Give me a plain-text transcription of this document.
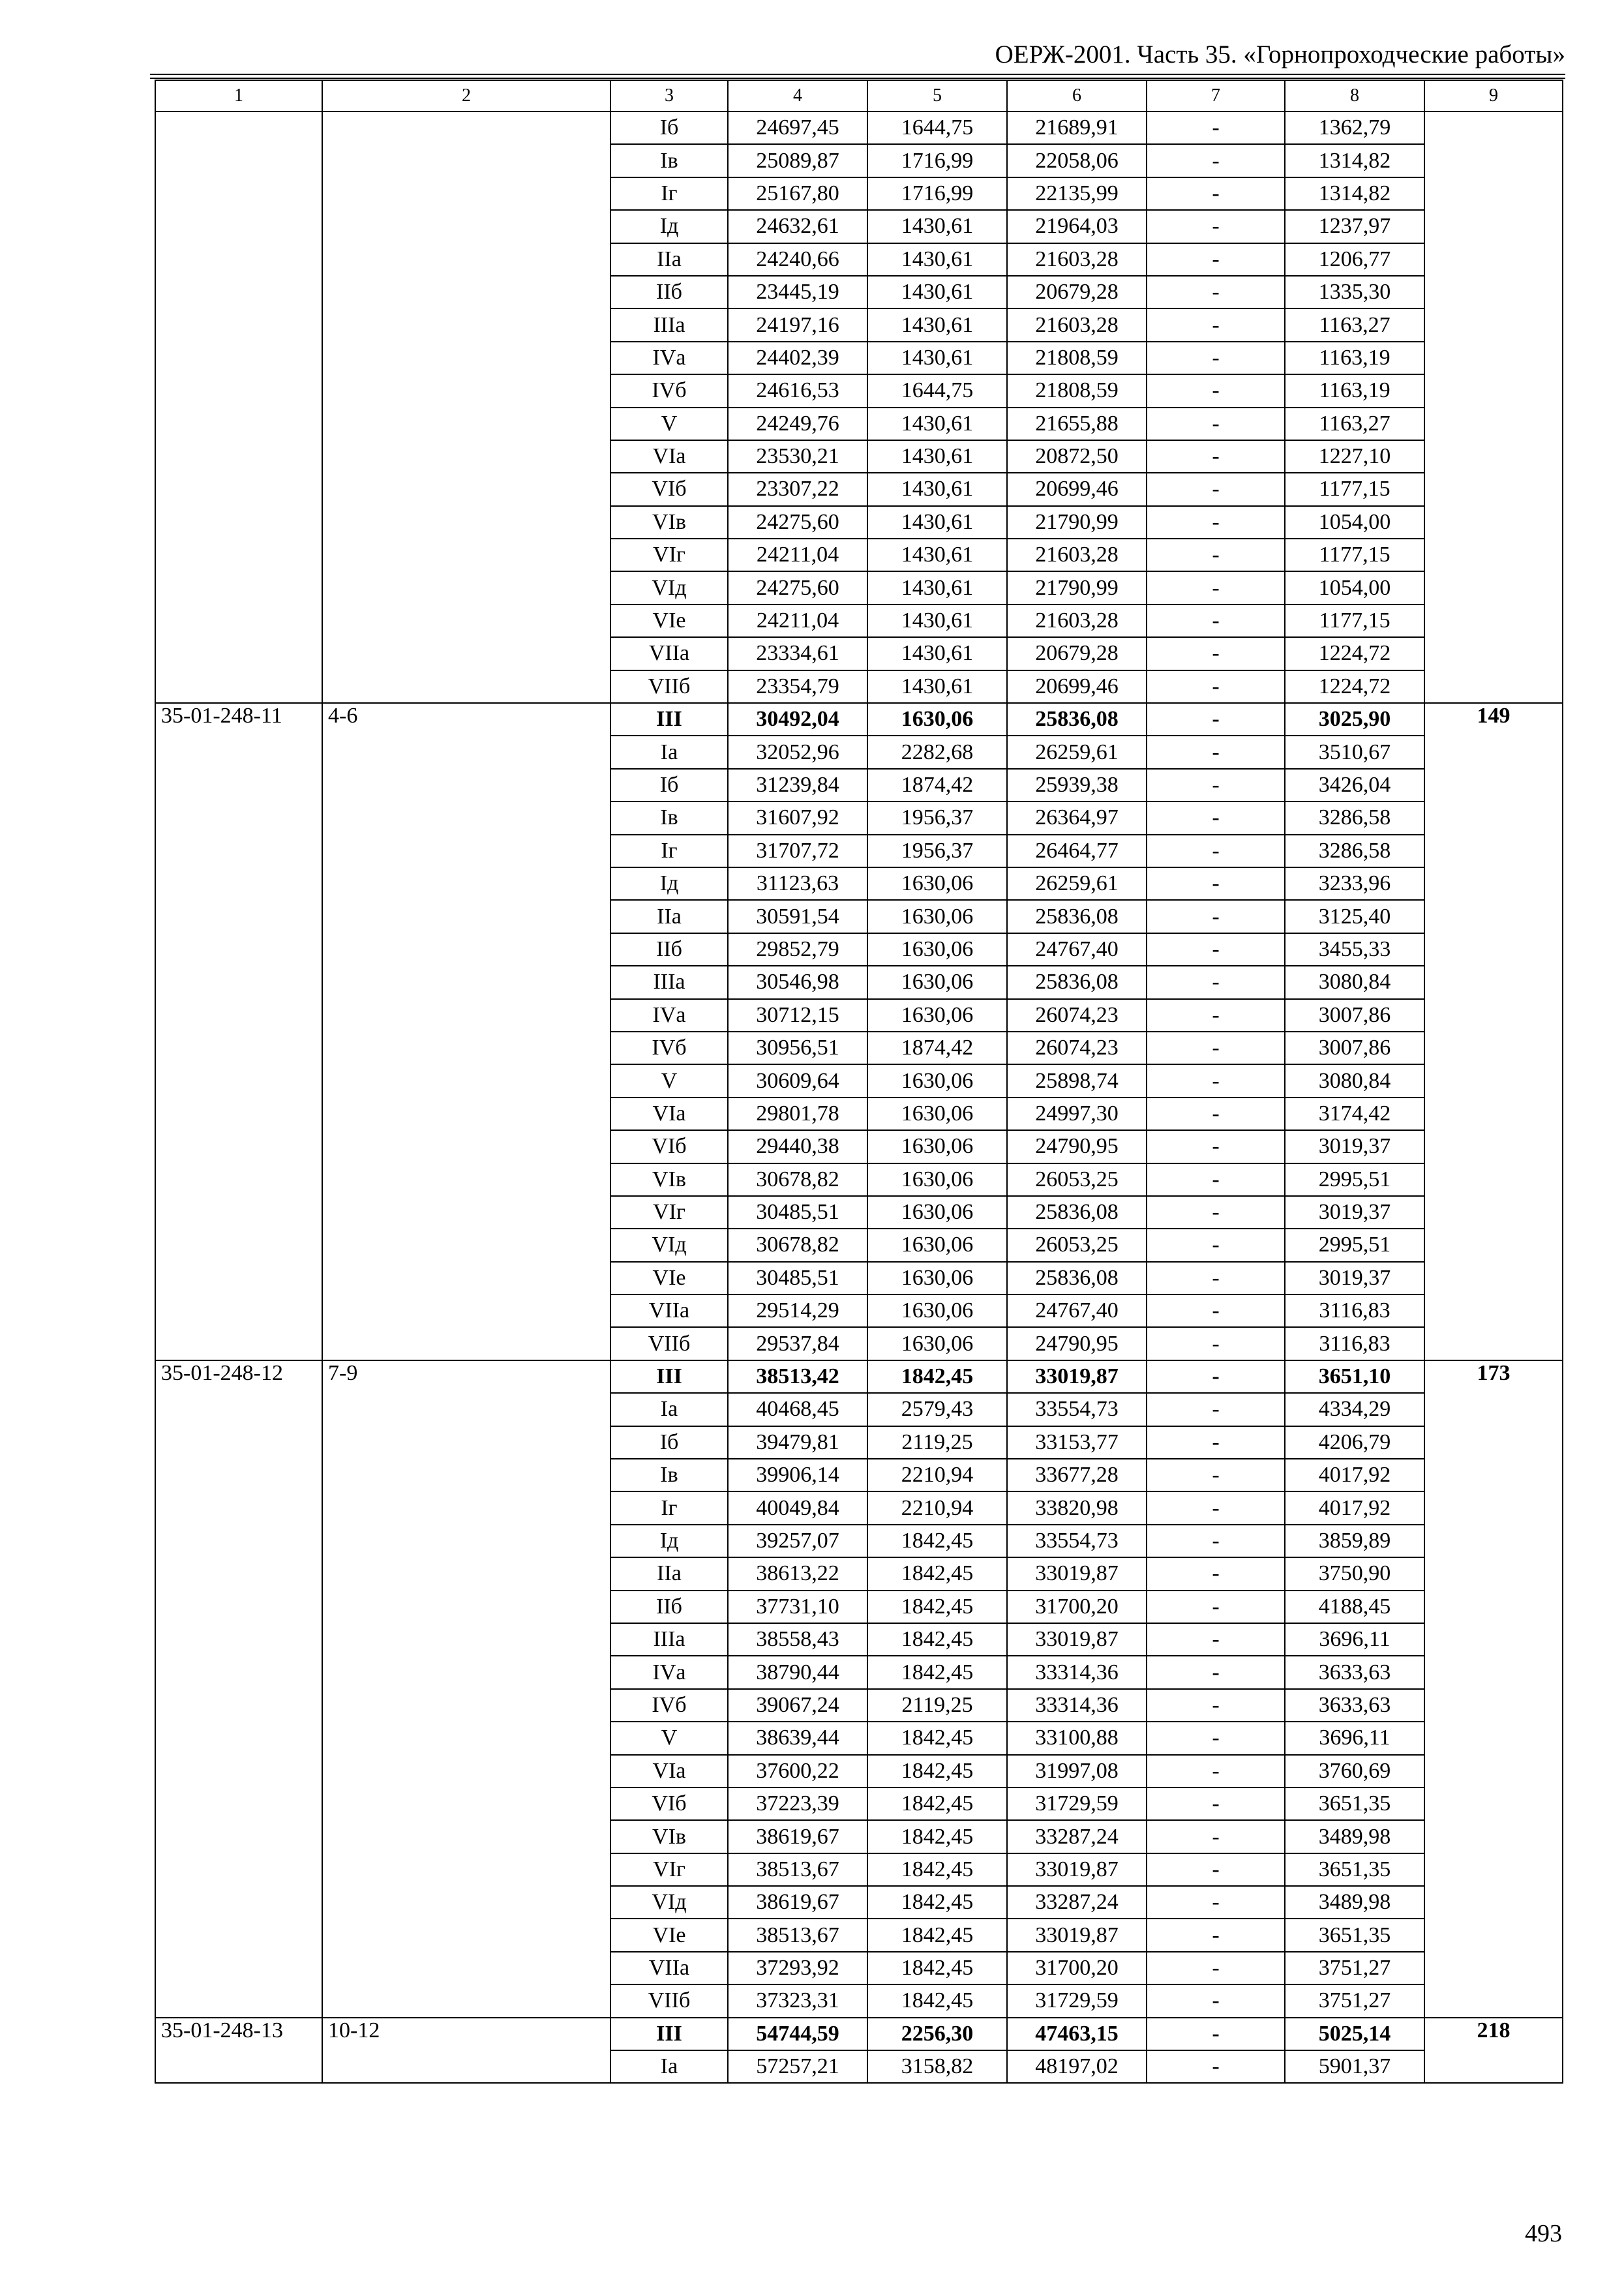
ОЕРЖ-2001. Часть 35. «Горнопроходческие работы»
1	2	3	4	5	6	7	8	9
		Iб	24697,45	1644,75	21689,91	-	1362,79	
		Iв	25089,87	1716,99	22058,06	-	1314,82	
		Iг	25167,80	1716,99	22135,99	-	1314,82	
		Iд	24632,61	1430,61	21964,03	-	1237,97	
		IIа	24240,66	1430,61	21603,28	-	1206,77	
		IIб	23445,19	1430,61	20679,28	-	1335,30	
		IIIа	24197,16	1430,61	21603,28	-	1163,27	
		IVа	24402,39	1430,61	21808,59	-	1163,19	
		IVб	24616,53	1644,75	21808,59	-	1163,19	
		V	24249,76	1430,61	21655,88	-	1163,27	
		VIа	23530,21	1430,61	20872,50	-	1227,10	
		VIб	23307,22	1430,61	20699,46	-	1177,15	
		VIв	24275,60	1430,61	21790,99	-	1054,00	
		VIг	24211,04	1430,61	21603,28	-	1177,15	
		VIд	24275,60	1430,61	21790,99	-	1054,00	
		VIе	24211,04	1430,61	21603,28	-	1177,15	
		VIIа	23334,61	1430,61	20679,28	-	1224,72	
		VIIб	23354,79	1430,61	20699,46	-	1224,72	
35-01-248-11	4-6	III	30492,04	1630,06	25836,08	-	3025,90	149
		Iа	32052,96	2282,68	26259,61	-	3510,67	
		Iб	31239,84	1874,42	25939,38	-	3426,04	
		Iв	31607,92	1956,37	26364,97	-	3286,58	
		Iг	31707,72	1956,37	26464,77	-	3286,58	
		Iд	31123,63	1630,06	26259,61	-	3233,96	
		IIа	30591,54	1630,06	25836,08	-	3125,40	
		IIб	29852,79	1630,06	24767,40	-	3455,33	
		IIIа	30546,98	1630,06	25836,08	-	3080,84	
		IVа	30712,15	1630,06	26074,23	-	3007,86	
		IVб	30956,51	1874,42	26074,23	-	3007,86	
		V	30609,64	1630,06	25898,74	-	3080,84	
		VIа	29801,78	1630,06	24997,30	-	3174,42	
		VIб	29440,38	1630,06	24790,95	-	3019,37	
		VIв	30678,82	1630,06	26053,25	-	2995,51	
		VIг	30485,51	1630,06	25836,08	-	3019,37	
		VIд	30678,82	1630,06	26053,25	-	2995,51	
		VIе	30485,51	1630,06	25836,08	-	3019,37	
		VIIа	29514,29	1630,06	24767,40	-	3116,83	
		VIIб	29537,84	1630,06	24790,95	-	3116,83	
35-01-248-12	7-9	III	38513,42	1842,45	33019,87	-	3651,10	173
		Iа	40468,45	2579,43	33554,73	-	4334,29	
		Iб	39479,81	2119,25	33153,77	-	4206,79	
		Iв	39906,14	2210,94	33677,28	-	4017,92	
		Iг	40049,84	2210,94	33820,98	-	4017,92	
		Iд	39257,07	1842,45	33554,73	-	3859,89	
		IIа	38613,22	1842,45	33019,87	-	3750,90	
		IIб	37731,10	1842,45	31700,20	-	4188,45	
		IIIа	38558,43	1842,45	33019,87	-	3696,11	
		IVа	38790,44	1842,45	33314,36	-	3633,63	
		IVб	39067,24	2119,25	33314,36	-	3633,63	
		V	38639,44	1842,45	33100,88	-	3696,11	
		VIа	37600,22	1842,45	31997,08	-	3760,69	
		VIб	37223,39	1842,45	31729,59	-	3651,35	
		VIв	38619,67	1842,45	33287,24	-	3489,98	
		VIг	38513,67	1842,45	33019,87	-	3651,35	
		VIд	38619,67	1842,45	33287,24	-	3489,98	
		VIе	38513,67	1842,45	33019,87	-	3651,35	
		VIIа	37293,92	1842,45	31700,20	-	3751,27	
		VIIб	37323,31	1842,45	31729,59	-	3751,27	
35-01-248-13	10-12	III	54744,59	2256,30	47463,15	-	5025,14	218
		Iа	57257,21	3158,82	48197,02	-	5901,37	
493
